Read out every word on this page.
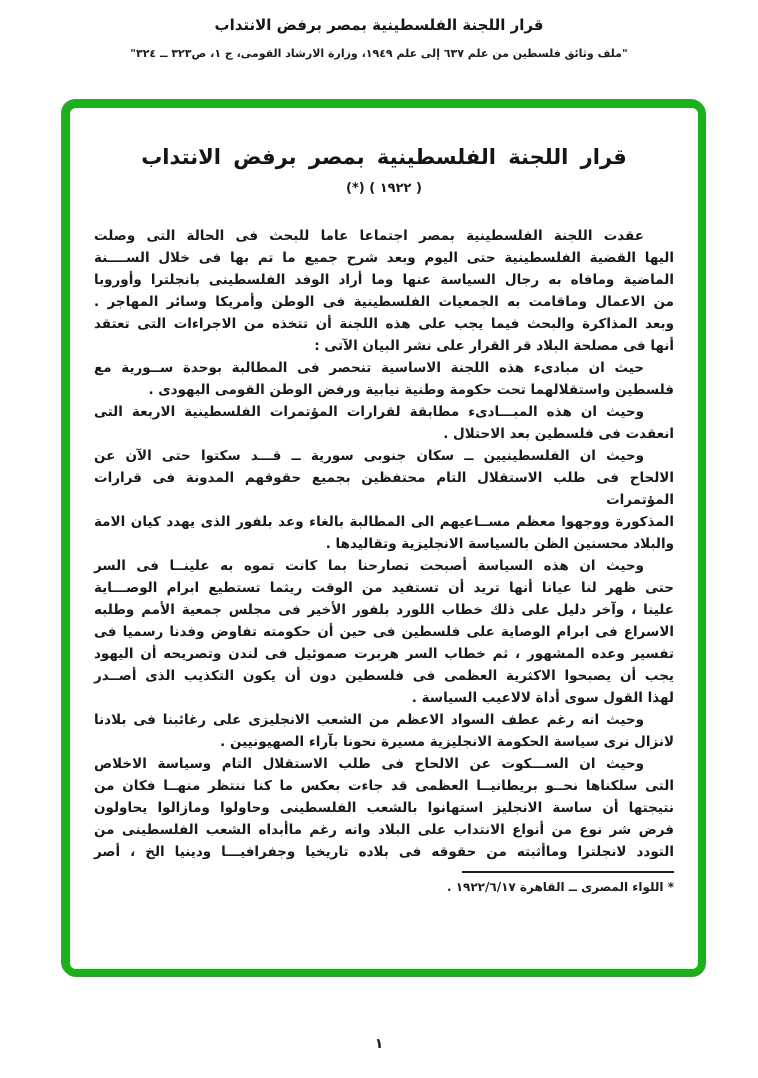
قرار اللجنة الفلسطينية بمصر برفض الانتداب
"ملف وثائق فلسطين من علم ٦٣٧ إلى علم ١٩٤٩، وزارة الارشاد القومى، ج ١، ص٣٢٣ ــ ٣٢٤"
قرار اللجنة الفلسطينية بمصر برفض الانتداب
( ١٩٢٢ ) (*)
عقدت اللجنة الفلسطينية بمصر اجتماعا عاما للبحث فى الحالة التى وصلت
اليها القضية الفلسطينية حتى اليوم وبعد شرح جميع ما تم بها فى خلال الســــنة
الماضية ومافاه به رجال السياسة عنها وما أراد الوفد الفلسطينى بانجلترا وأوروبا
من الاعمال وماقامت به الجمعيات الفلسطينية فى الوطن وأمريكا وسائر المهاجر .
وبعد المذاكرة والبحث فيما يجب على هذه اللجنة أن تتخذه من الاجراءات التى تعتقد
أنها فى مصلحة البلاد قر القرار على نشر البيان الآتى :
حيث ان مبادىء هذه اللجنة الاساسية تنحصر فى المطالبة بوحدة ســورية مع
فلسطين واستقلالهما تحت حكومة وطنية نيابية ورفض الوطن القومى اليهودى .
وحيث ان هذه المبـــادىء مطابقة لقرارات المؤتمرات الفلسطينية الاربعة التى
انعقدت فى فلسطين بعد الاحتلال .
وحيث ان الفلسطينيين ــ سكان جنوبى سورية ــ قـــد سكتوا حتى الآن عن
الالحاح فى طلب الاستقلال التام محتفظين بجميع حقوقهم المدونة فى قرارات المؤتمرات
المذكورة ووجهوا معظم مســاعيهم الى المطالبة بالغاء وعد بلفور الذى يهدد كيان الامة
والبلاد محسنين الظن بالسياسة الانجليزية وتقاليدها .
وحيث ان هذه السياسة أصبحت تصارحنا بما كانت تموه به علينــا فى السر
حتى ظهر لنا عيانا أنها تريد أن تستفيد من الوقت ريثما تستطيع ابرام الوصـــاية
علينا ، وآخر دليل على ذلك خطاب اللورد بلفور الأخير فى مجلس جمعية الأمم وطلبه
الاسراع فى ابرام الوصاية على فلسطين فى حين أن حكومته تفاوض وفدنا رسميا فى
تفسير وعده المشهور ، ثم خطاب السر هربرت صموئيل فى لندن وتصريحه أن اليهود
يجب أن يصبحوا الاكثرية العظمى فى فلسطين دون أن يكون التكذيب الذى أصــدر
لهذا القول سوى أداة لالاعيب السياسة .
وحيث انه رغم عطف السواد الاعظم من الشعب الانجليزى على رغائبنا فى بلادنا
لانزال نرى سياسة الحكومة الانجليزية مسيرة نحونا بآراء الصهيونيين .
وحيث ان الســـكوت عن الالحاح فى طلب الاستقلال التام وسياسة الاخلاص
التى سلكناها نحــو بريطانيــا العظمى قد جاءت بعكس ما كنا ننتظر منهــا فكان من
نتيجتها أن ساسة الانجليز استهانوا بالشعب الفلسطينى وحاولوا ومازالوا يحاولون
فرض شر نوع من أنواع الانتداب على البلاد وانه رغم ماأبداه الشعب الفلسطينى من
التودد لانجلترا وماأثبته من حقوقه فى بلاده تاريخيا وجفرافيـــا ودينيا الخ ، أصر
* اللواء المصرى ــ القاهرة ١٩٢٢/٦/١٧ .
١
